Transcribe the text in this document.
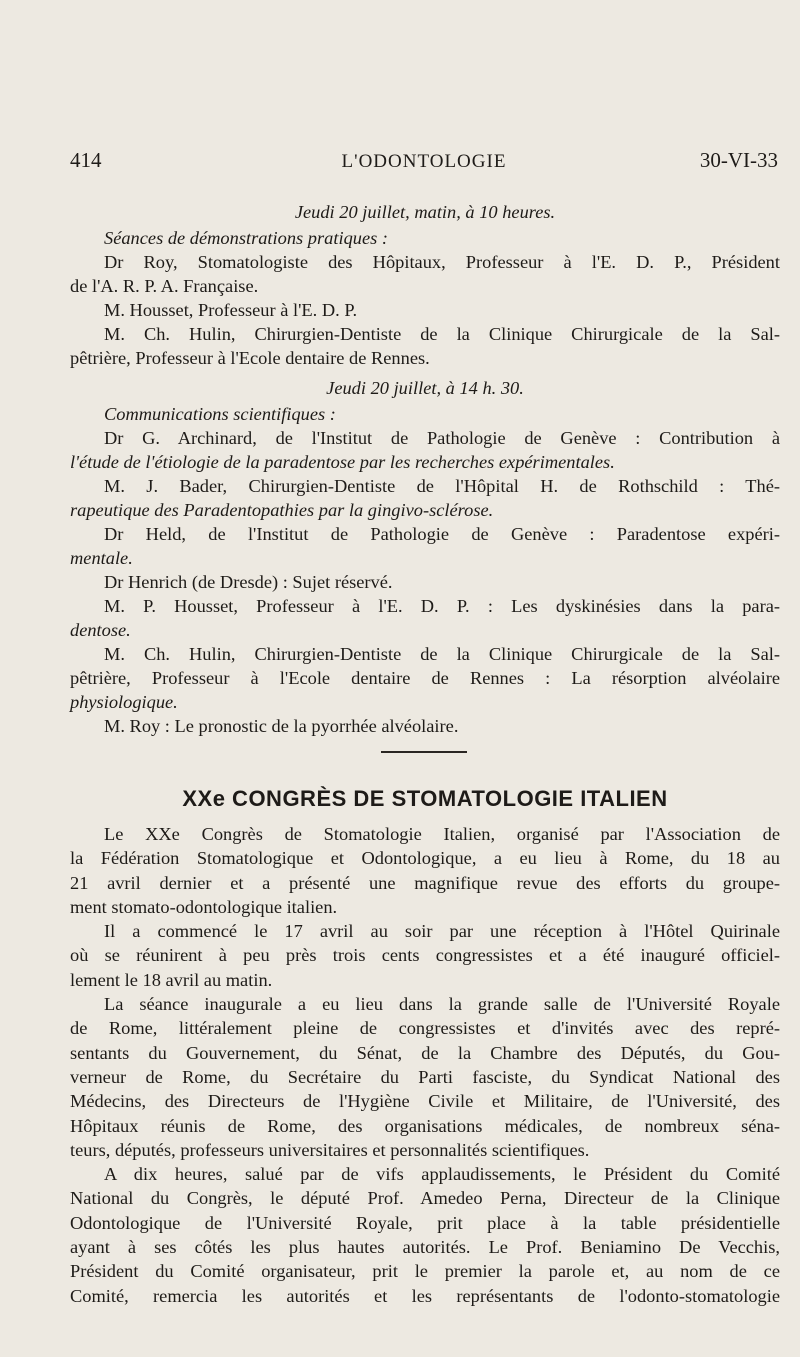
414	L'ODONTOLOGIE	30-VI-33
Jeudi 20 juillet, matin, à 10 heures.
Séances de démonstrations pratiques :
Dr Roy, Stomatologiste des Hôpitaux, Professeur à l'E. D. P., Président
de l'A. R. P. A. Française.
M. Housset, Professeur à l'E. D. P.
M. Ch. Hulin, Chirurgien-Dentiste de la Clinique Chirurgicale de la Sal-
pêtrière, Professeur à l'Ecole dentaire de Rennes.
Jeudi 20 juillet, à 14 h. 30.
Communications scientifiques :
Dr G. Archinard, de l'Institut de Pathologie de Genève : Contribution à
l'étude de l'étiologie de la paradentose par les recherches expérimentales.
M. J. Bader, Chirurgien-Dentiste de l'Hôpital H. de Rothschild : Thé-
rapeutique des Paradentopathies par la gingivo-sclérose.
Dr Held, de l'Institut de Pathologie de Genève : Paradentose expéri-
mentale.
Dr Henrich (de Dresde) : Sujet réservé.
M. P. Housset, Professeur à l'E. D. P. : Les dyskinésies dans la para-
dentose.
M. Ch. Hulin, Chirurgien-Dentiste de la Clinique Chirurgicale de la Sal-
pêtrière, Professeur à l'Ecole dentaire de Rennes : La résorption alvéolaire
physiologique.
M. Roy : Le pronostic de la pyorrhée alvéolaire.
XXe CONGRÈS DE STOMATOLOGIE ITALIEN
Le XXe Congrès de Stomatologie Italien, organisé par l'Association de
la Fédération Stomatologique et Odontologique, a eu lieu à Rome, du 18 au
21 avril dernier et a présenté une magnifique revue des efforts du groupe-
ment stomato-odontologique italien.
Il a commencé le 17 avril au soir par une réception à l'Hôtel Quirinale
où se réunirent à peu près trois cents congressistes et a été inauguré officiel-
lement le 18 avril au matin.
La séance inaugurale a eu lieu dans la grande salle de l'Université Royale
de Rome, littéralement pleine de congressistes et d'invités avec des repré-
sentants du Gouvernement, du Sénat, de la Chambre des Députés, du Gou-
verneur de Rome, du Secrétaire du Parti fasciste, du Syndicat National des
Médecins, des Directeurs de l'Hygiène Civile et Militaire, de l'Université, des
Hôpitaux réunis de Rome, des organisations médicales, de nombreux séna-
teurs, députés, professeurs universitaires et personnalités scientifiques.
A dix heures, salué par de vifs applaudissements, le Président du Comité
National du Congrès, le député Prof. Amedeo Perna, Directeur de la Clinique
Odontologique de l'Université Royale, prit place à la table présidentielle
ayant à ses côtés les plus hautes autorités. Le Prof. Beniamino De Vecchis,
Président du Comité organisateur, prit le premier la parole et, au nom de ce
Comité, remercia les autorités et les représentants de l'odonto-stomatologie
